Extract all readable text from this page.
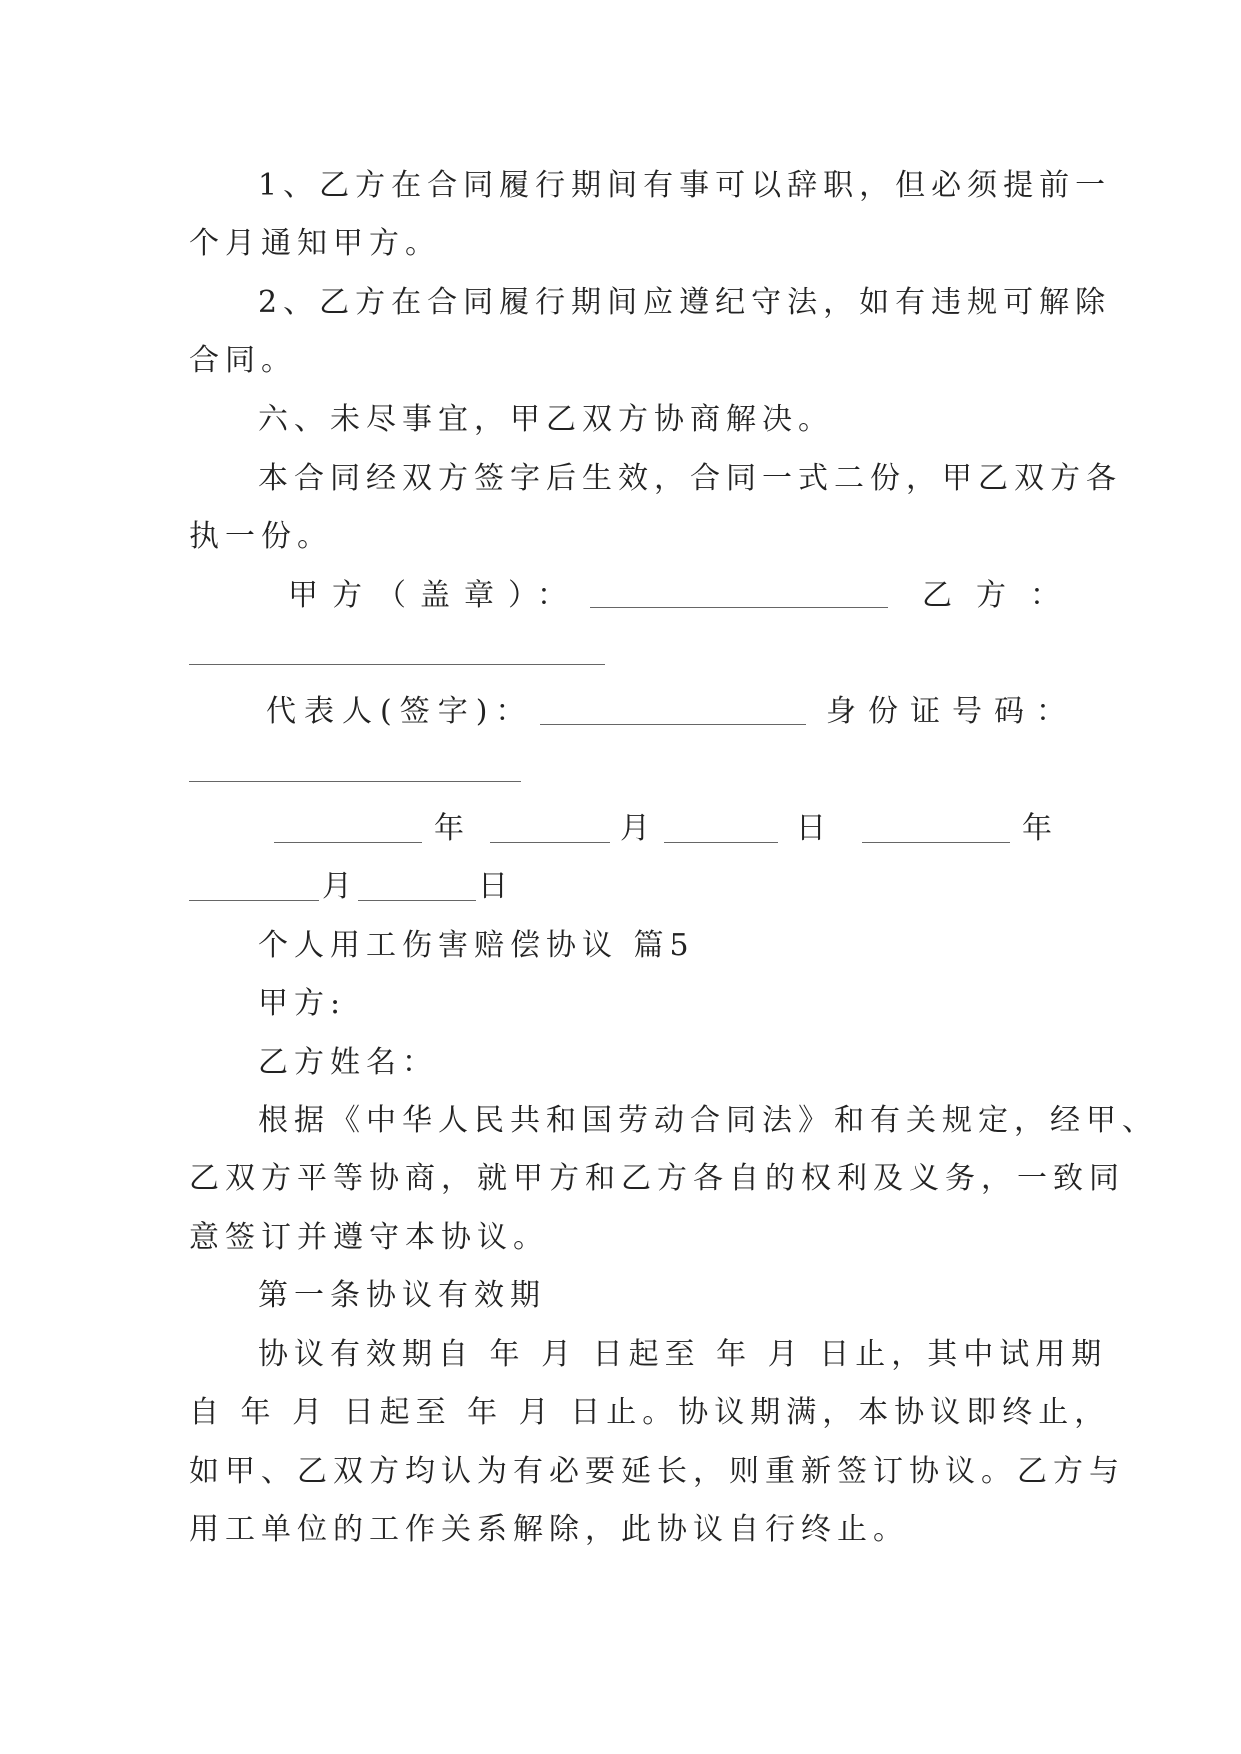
1、乙方在合同履行期间有事可以辞职，但必须提前一
个月通知甲方。
2、乙方在合同履行期间应遵纪守法，如有违规可解除
合同。
六、未尽事宜，甲乙双方协商解决。
本合同经双方签字后生效，合同一式二份，甲乙双方各
执一份。
甲方（盖章）：	乙方：
代表人(签字)：	身份证号码：
年	月	日	年
月	日
个人用工伤害赔偿协议 篇5
甲方:
乙方姓名：
根据《中华人民共和国劳动合同法》和有关规定，经甲、
乙双方平等协商，就甲方和乙方各自的权利及义务，一致同
意签订并遵守本协议。
第一条协议有效期
协议有效期自 年 月 日起至 年 月 日止，其中试用期
自 年 月 日起至 年 月 日止。协议期满，本协议即终止，
如甲、乙双方均认为有必要延长，则重新签订协议。乙方与
用工单位的工作关系解除，此协议自行终止。
